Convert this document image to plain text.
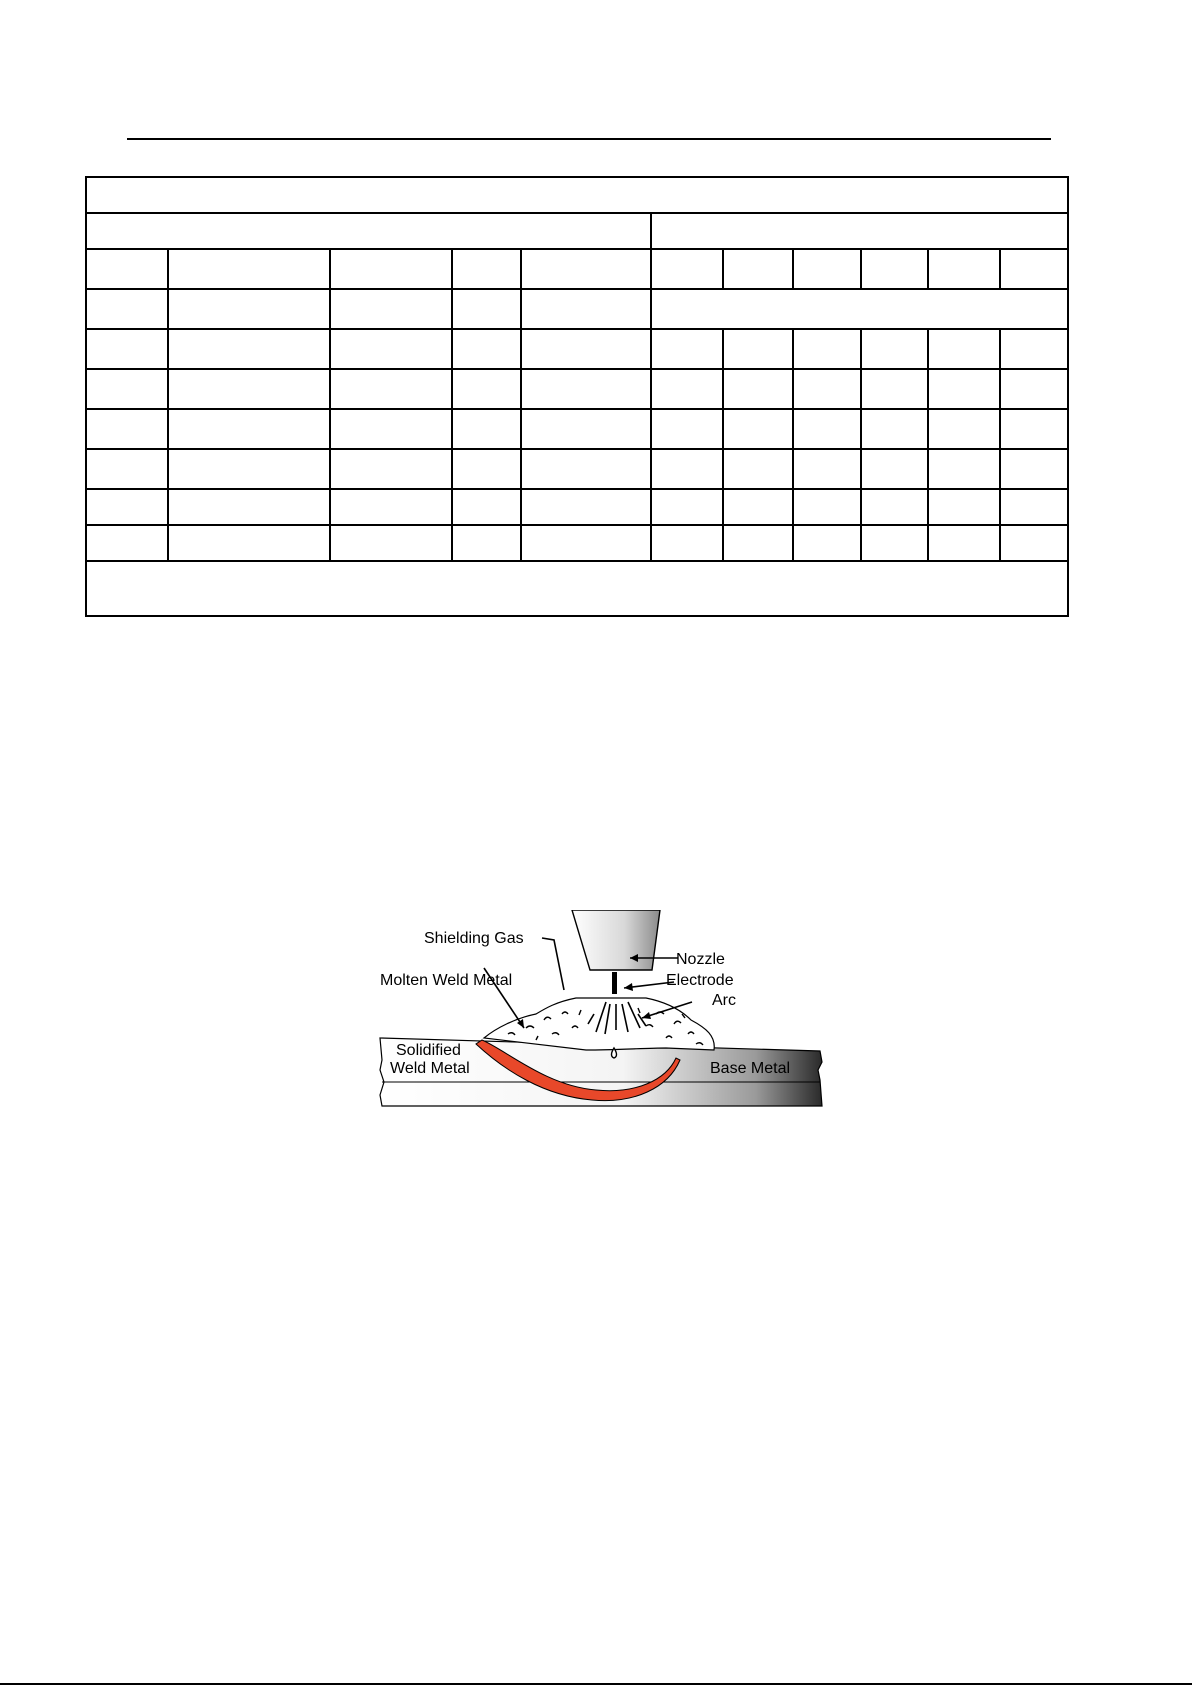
Shielding Gas
Nozzle
Molten Weld Metal	Electrode
Arc
Solidified
Weld Metal	Base Metal
